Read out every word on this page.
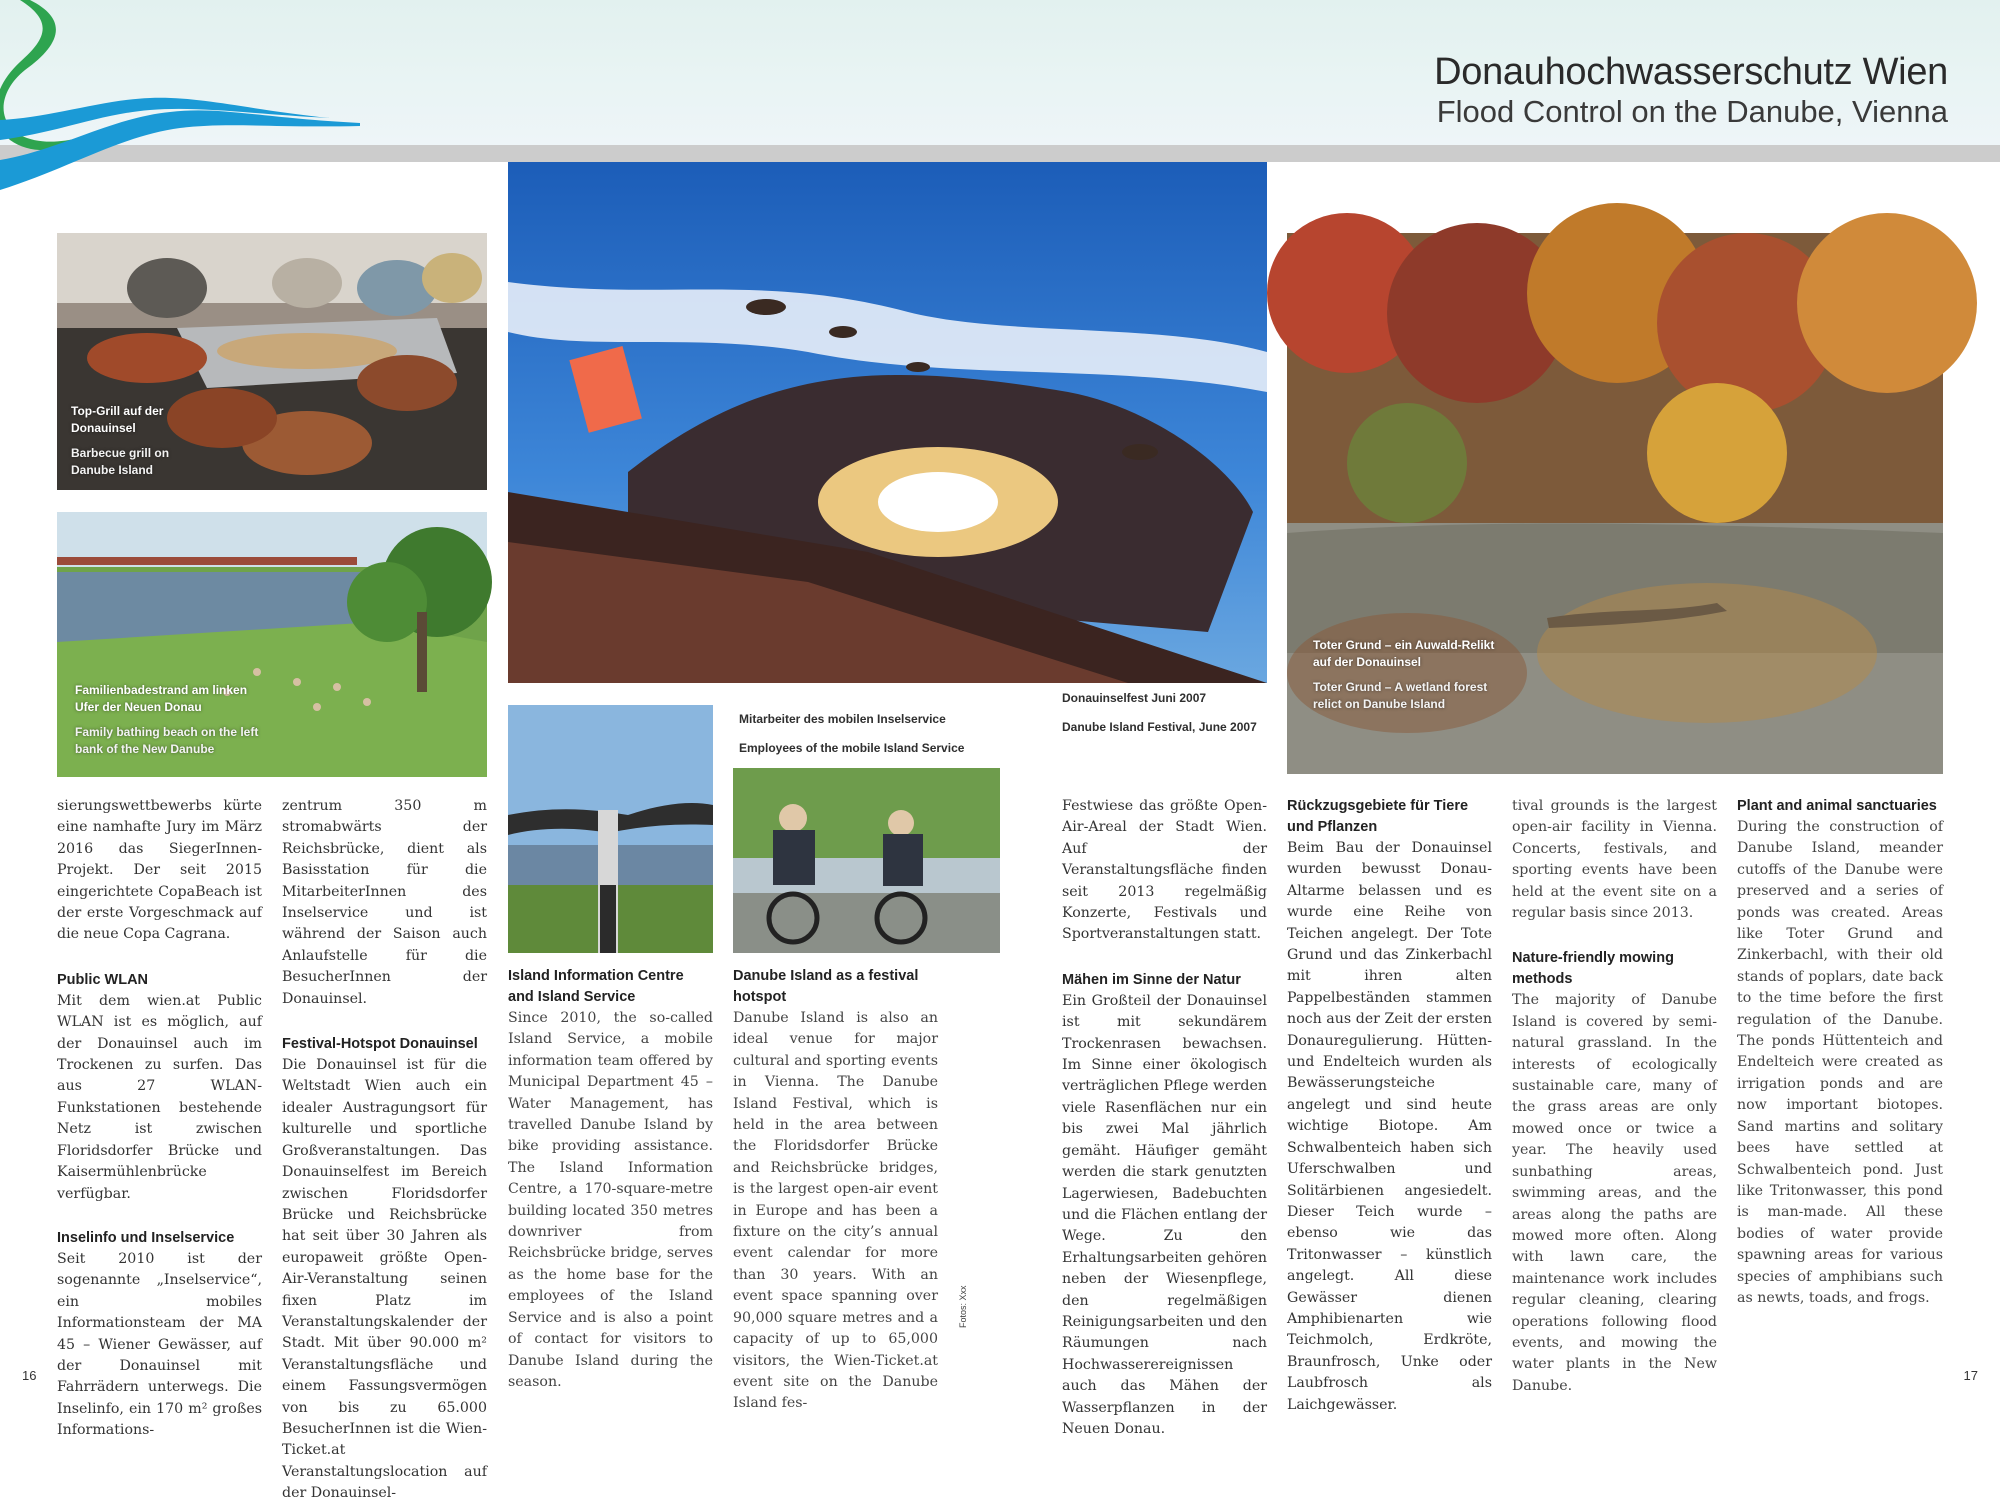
Donauhochwasserschutz Wien
Flood Control on the Danube, Vienna
Top-Grill auf der Donauinsel
Barbecue grill on Danube Island
Familienbadestrand am linken Ufer der Neuen Donau
Family bathing beach on the left bank of the New Danube
Toter Grund – ein Auwald-Relikt auf der Donauinsel
Toter Grund – A wetland forest relict on Danube Island
Mitarbeiter des mobilen Inselservice
Employees of the mobile Island Service
Donauinselfest Juni 2007
Danube Island Festival, June 2007

sierungswettbewerbs kürte eine namhafte Jury im März 2016 das SiegerInnen-Projekt. Der seit 2015 eingerichtete CopaBeach ist der erste Vorgeschmack auf die neue Copa Cagrana.

Public WLAN

Mit dem wien.at Public WLAN ist es möglich, auf der Donauinsel auch im Trockenen zu surfen. Das aus 27 WLAN-Funkstationen bestehende Netz ist zwischen Floridsdorfer Brücke und Kaisermühlenbrücke verfügbar.

Inselinfo und Inselservice

Seit 2010 ist der sogenannte „Inselservice“, ein mobiles Informationsteam der MA 45 – Wiener Gewässer, auf der Donauinsel mit Fahrrädern unterwegs. Die Inselinfo, ein 170 m² großes Informations-

zentrum 350 m stromabwärts der Reichsbrücke, dient als Basisstation für die MitarbeiterInnen des Inselservice und ist während der Saison auch Anlaufstelle für die BesucherInnen der Donauinsel.

Festival-Hotspot Donauinsel

Die Donauinsel ist für die Weltstadt Wien auch ein idealer Austragungsort für kulturelle und sportliche Großveranstaltungen. Das Donauinselfest im Bereich zwischen Floridsdorfer Brücke und Reichsbrücke hat seit über 30 Jahren als europaweit größte Open-Air-Veranstaltung seinen fixen Platz im Veranstaltungskalender der Stadt. Mit über 90.000 m² Veranstaltungsfläche und einem Fassungsvermögen von bis zu 65.000 BesucherInnen ist die Wien-Ticket.at Veranstaltungslocation auf der Donauinsel-

Island Information Centre and Island Service

Since 2010, the so-called Island Service, a mobile information team offered by Municipal Department 45 – Water Management, has travelled Danube Island by bike providing assistance. The Island Information Centre, a 170-square-metre building located 350 metres downriver from Reichsbrücke bridge, serves as the home base for the employees of the Island Service and is also a point of contact for visitors to Danube Island during the season.

Danube Island as a festival hotspot

Danube Island is also an ideal venue for major cultural and sporting events in Vienna. The Danube Island Festival, which is held in the area between the Floridsdorfer Brücke and Reichsbrücke bridges, is the largest open-air event in Europe and has been a fixture on the city’s annual event calendar for more than 30 years. With an event space spanning over 90,000 square metres and a capacity of up to 65,000 visitors, the Wien-Ticket.at event site on the Danube Island fes-

Fotos: Xxx

Festwiese das größte Open-Air-Areal der Stadt Wien. Auf der Veranstaltungsfläche finden seit 2013 regelmäßig Konzerte, Festivals und Sportveranstaltungen statt.

Mähen im Sinne der Natur

Ein Großteil der Donauinsel ist mit sekundärem Trockenrasen bewachsen. Im Sinne einer ökologisch verträglichen Pflege werden viele Rasenflächen nur ein bis zwei Mal jährlich gemäht. Häufiger gemäht werden die stark genutzten Lagerwiesen, Badebuchten und die Flächen entlang der Wege. Zu den Erhaltungsarbeiten gehören neben der Wiesenpflege, den regelmäßigen Reinigungsarbeiten und den Räumungen nach Hochwasserereignissen auch das Mähen der Wasserpflanzen in der Neuen Donau.

Rückzugsgebiete für Tiere und Pflanzen

Beim Bau der Donauinsel wurden bewusst Donau-Altarme belassen und es wurde eine Reihe von Teichen angelegt. Der Tote Grund und das Zinkerbachl mit ihren alten Pappelbeständen stammen noch aus der Zeit der ersten Donauregulierung. Hütten- und Endelteich wurden als Bewässerungsteiche angelegt und sind heute wichtige Biotope. Am Schwalbenteich haben sich Uferschwalben und Solitärbienen angesiedelt. Dieser Teich wurde – ebenso wie das Tritonwasser – künstlich angelegt. All diese Gewässer dienen Amphibienarten wie Teichmolch, Erdkröte, Braunfrosch, Unke oder Laubfrosch als Laichgewässer.

tival grounds is the largest open-air facility in Vienna. Concerts, festivals, and sporting events have been held at the event site on a regular basis since 2013.

Nature-friendly mowing methods

The majority of Danube Island is covered by semi-natural grassland. In the interests of ecologically sustainable care, many of the grass areas are only mowed once or twice a year. The heavily used sunbathing areas, swimming areas, and the areas along the paths are mowed more often. Along with lawn care, the maintenance work includes regular cleaning, clearing operations following flood events, and mowing the water plants in the New Danube.

Plant and animal sanctuaries

During the construction of Danube Island, meander cutoffs of the Danube were preserved and a series of ponds was created. Areas like Toter Grund and Zinkerbachl, with their old stands of poplars, date back to the time before the first regulation of the Danube. The ponds Hüttenteich and Endelteich were created as irrigation ponds and are now important biotopes. Sand martins and solitary bees have settled at Schwalbenteich pond. Just like Tritonwasser, this pond is man-made. All these bodies of water provide spawning areas for various species of amphibians such as newts, toads, and frogs.

16	17
